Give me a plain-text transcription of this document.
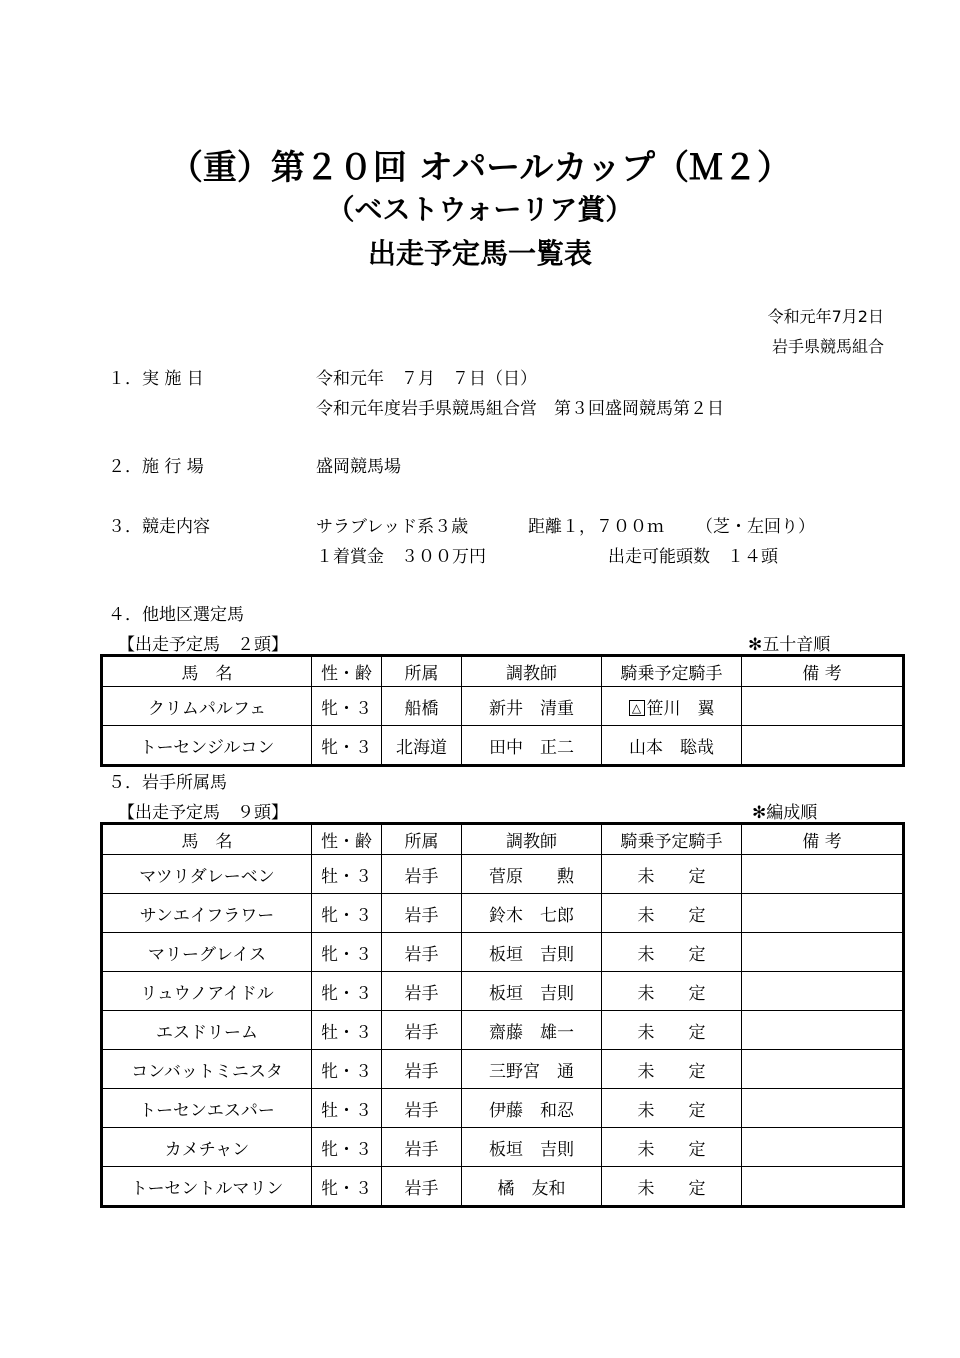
（重）第２０回 オパールカップ（Ｍ２）
（ベストウォーリア賞）
出走予定馬一覧表
令和元年7月2日
岩手県競馬組合
１．実 施 日	令和元年　７月　７日（日）
令和元年度岩手県競馬組合営　第３回盛岡競馬第２日
２．施 行 場	盛岡競馬場
３．競走内容	サラブレッド系３歳	距離１，７００ｍ （芝・左回り）
１着賞金　３００万円	出走可能頭数　１４頭
４．他地区選定馬
【出走予定馬　２頭】	✻五十音順
馬　名	性・齢	所属	調教師	騎乗予定騎手	備 考
クリムパルフェ	牝・３	船橋	新井　清重	△ 笹川　翼	
トーセンジルコン	牝・３	北海道	田中　正二	山本　聡哉	
５．岩手所属馬
【出走予定馬　９頭】	✻編成順
馬　名	性・齢	所属	調教師	騎乗予定騎手	備 考
マツリダレーベン	牡・３	岩手	菅原　　勲	未　　定	
サンエイフラワー	牝・３	岩手	鈴木　七郎	未　　定	
マリーグレイス	牝・３	岩手	板垣　吉則	未　　定	
リュウノアイドル	牝・３	岩手	板垣　吉則	未　　定	
エスドリーム	牡・３	岩手	齋藤　雄一	未　　定	
コンバットミニスタ	牝・３	岩手	三野宮　通	未　　定	
トーセンエスパー	牡・３	岩手	伊藤　和忍	未　　定	
カメチャン	牝・３	岩手	板垣　吉則	未　　定	
トーセントルマリン	牝・３	岩手	橘　友和	未　　定	
